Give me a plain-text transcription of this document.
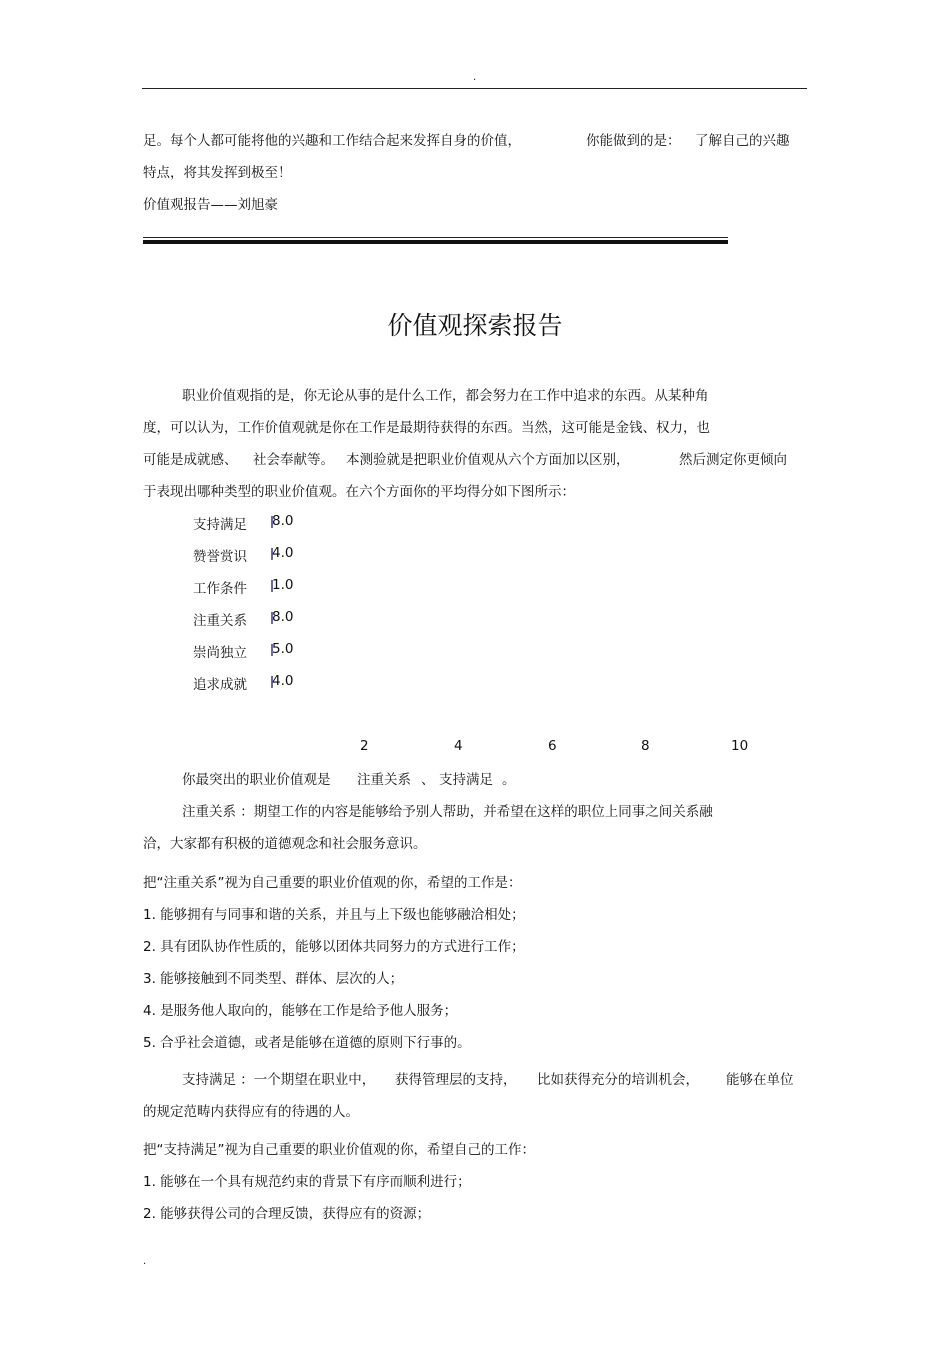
.
足。每个人都可能将他的兴趣和工作结合起来发挥自身的价值，	你能做到的是： 了解自己的兴趣
特点，将其发挥到极至！
价值观报告——刘旭豪
价值观探索报告
职业价值观指的是，你无论从事的是什么工作，都会努力在工作中追求的东西。从某种角
度，可以认为，工作价值观就是你在工作是最期待获得的东西。当然，这可能是金钱、权力，也
可能是成就感、 社会奉献等。 本测验就是把职业价值观从六个方面加以区别，	然后测定你更倾向
于表现出哪种类型的职业价值观。在六个方面你的平均得分如下图所示：
支持满足 8.0
赞誉赏识 4.0
工作条件 1.0
注重关系 8.0
崇尚独立 5.0
追求成就 4.0
2	4	6	8	10
你最突出的职业价值观是 注重关系 、 支持满足 。
注重关系 ：期望工作的内容是能够给予别人帮助，并希望在这样的职位上同事之间关系融
洽，大家都有积极的道德观念和社会服务意识。
把“注重关系”视为自己重要的职业价值观的你，希望的工作是：
1. 能够拥有与同事和谐的关系，并且与上下级也能够融洽相处；
2. 具有团队协作性质的，能够以团体共同努力的方式进行工作；
3. 能够接触到不同类型、群体、层次的人；
4. 是服务他人取向的，能够在工作是给予他人服务；
5. 合乎社会道德，或者是能够在道德的原则下行事的。
支持满足 ：一个期望在职业中， 获得管理层的支持， 比如获得充分的培训机会， 能够在单位
的规定范畴内获得应有的待遇的人。
把“支持满足”视为自己重要的职业价值观的你，希望自己的工作：
1. 能够在一个具有规范约束的背景下有序而顺利进行；
2. 能够获得公司的合理反馈，获得应有的资源；
.
